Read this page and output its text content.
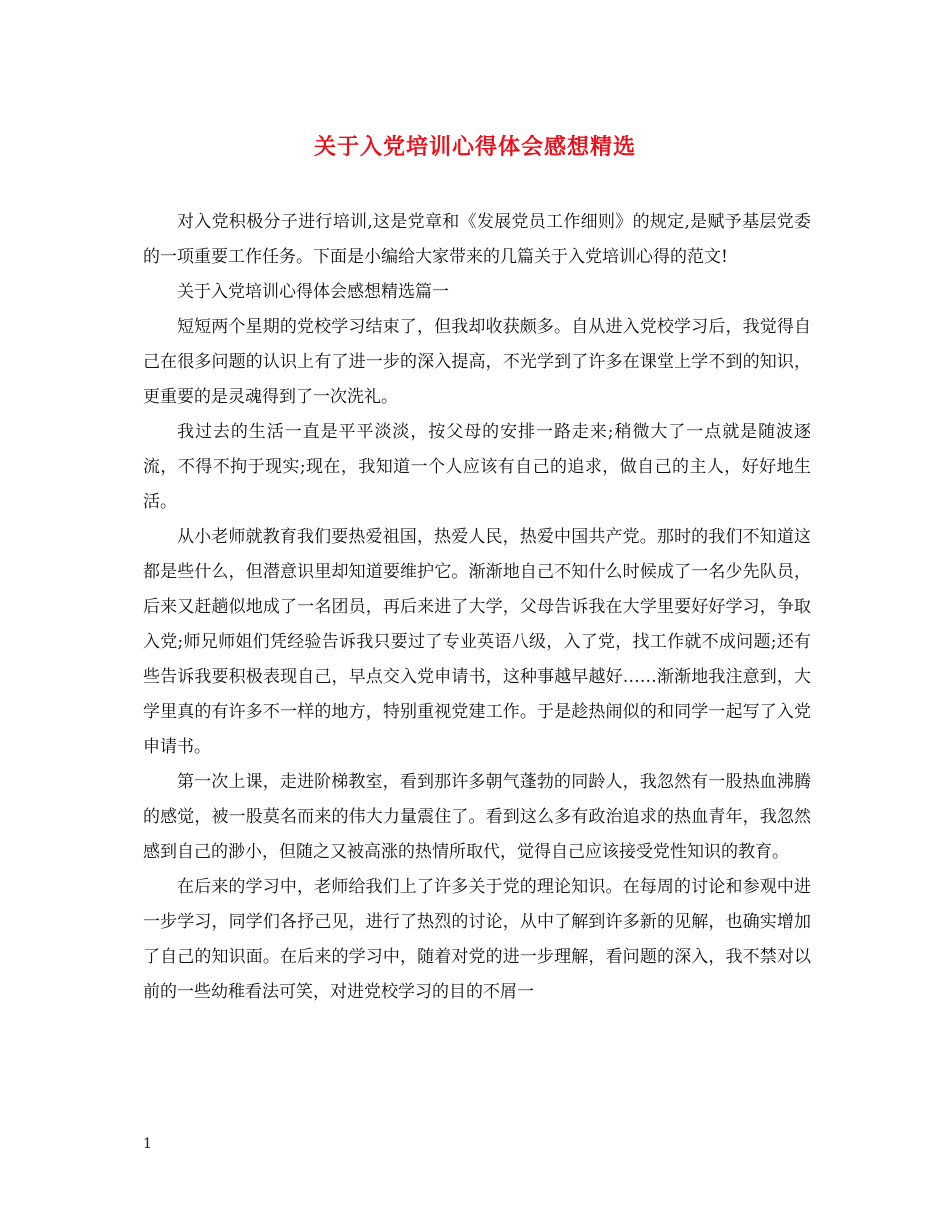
关于入党培训心得体会感想精选

对入党积极分子进行培训,这是党章和《发展党员工作细则》的规定,是赋予基层党委的一项重要工作任务。下面是小编给大家带来的几篇关于入党培训心得的范文!

关于入党培训心得体会感想精选篇一

短短两个星期的党校学习结束了，但我却收获颇多。自从进入党校学习后，我觉得自己在很多问题的认识上有了进一步的深入提高，不光学到了许多在课堂上学不到的知识，更重要的是灵魂得到了一次洗礼。

我过去的生活一直是平平淡淡，按父母的安排一路走来;稍微大了一点就是随波逐流，不得不拘于现实;现在，我知道一个人应该有自己的追求，做自己的主人，好好地生活。

从小老师就教育我们要热爱祖国，热爱人民，热爱中国共产党。那时的我们不知道这都是些什么，但潜意识里却知道要维护它。渐渐地自己不知什么时候成了一名少先队员，后来又赶趟似地成了一名团员，再后来进了大学，父母告诉我在大学里要好好学习，争取入党;师兄师姐们凭经验告诉我只要过了专业英语八级，入了党，找工作就不成问题;还有些告诉我要积极表现自己，早点交入党申请书，这种事越早越好……渐渐地我注意到，大学里真的有许多不一样的地方，特别重视党建工作。于是趁热闹似的和同学一起写了入党申请书。

第一次上课，走进阶梯教室，看到那许多朝气蓬勃的同龄人，我忽然有一股热血沸腾的感觉，被一股莫名而来的伟大力量震住了。看到这么多有政治追求的热血青年，我忽然感到自己的渺小，但随之又被高涨的热情所取代，觉得自己应该接受党性知识的教育。

在后来的学习中，老师给我们上了许多关于党的理论知识。在每周的讨论和参观中进一步学习，同学们各抒己见，进行了热烈的讨论，从中了解到许多新的见解，也确实增加了自己的知识面。在后来的学习中，随着对党的进一步理解，看问题的深入，我不禁对以前的一些幼稚看法可笑，对进党校学习的目的不屑一

1
